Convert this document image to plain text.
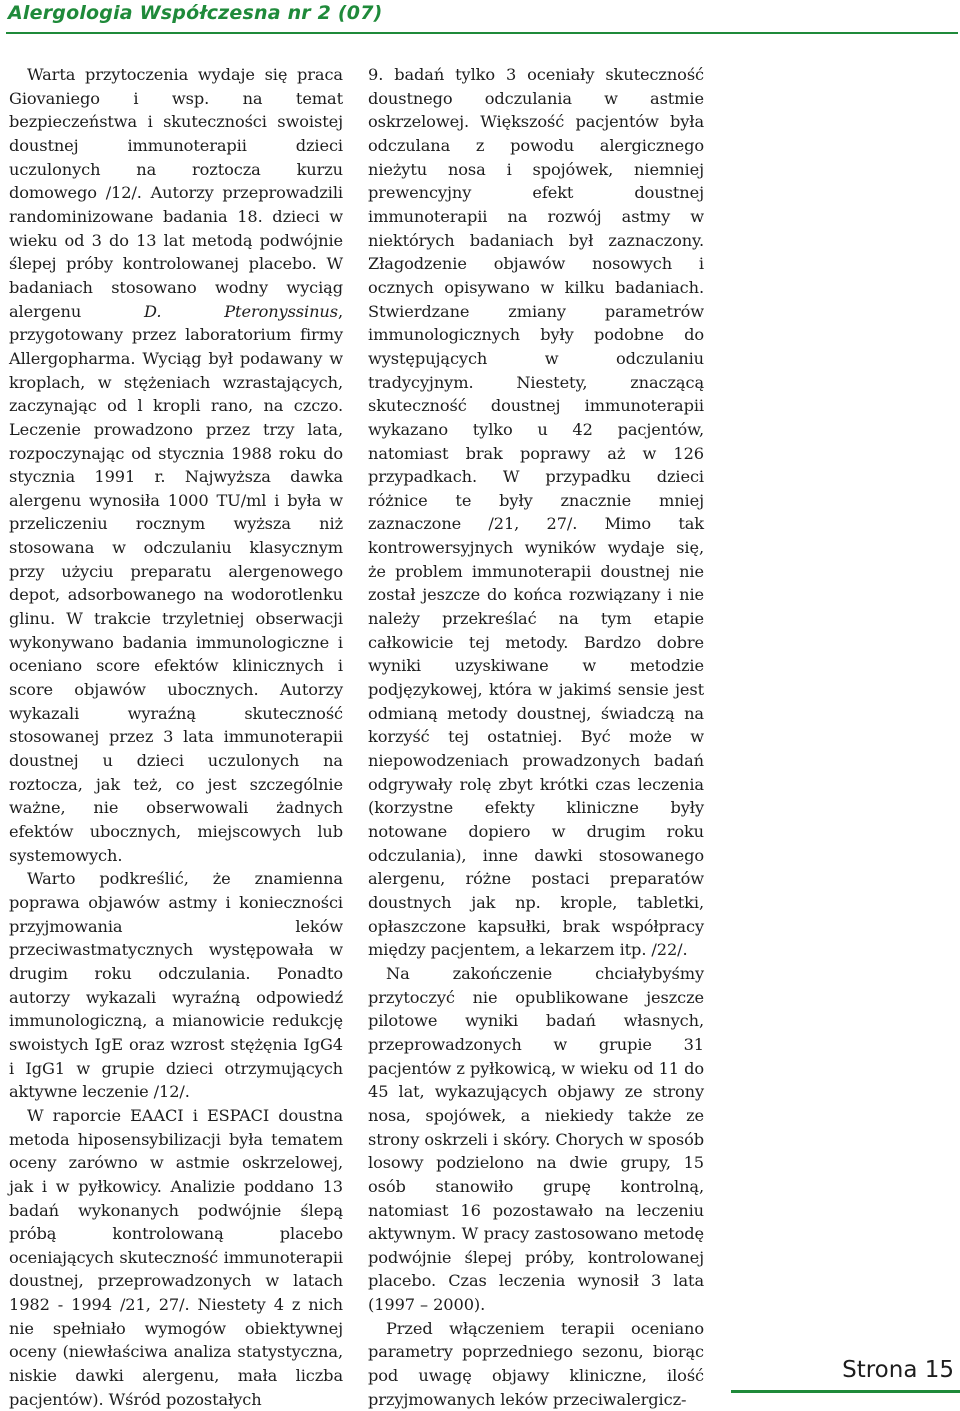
Alergologia Współczesna nr 2 (07)

Warta przytoczenia wydaje się praca Giovaniego i wsp. na temat bezpieczeństwa i skuteczności swoistej doustnej immunoterapii dzieci uczulonych na roztocza kurzu domowego /12/. Autorzy przeprowadzili randominizowane badania 18. dzieci w wieku od 3 do 13 lat metodą podwójnie ślepej próby kontrolowanej placebo. W badaniach stosowano wodny wyciąg alergenu D. Pteronyssinus, przygotowany przez laboratorium firmy Allergopharma. Wyciąg był podawany w kroplach, w stężeniach wzrastających, zaczynając od l kropli rano, na czczo. Leczenie prowadzono przez trzy lata, rozpoczynając od stycznia 1988 roku do stycznia 1991 r. Najwyższa dawka alergenu wynosiła 1000 TU/ml i była w przeliczeniu rocznym wyższa niż stosowana w odczulaniu klasycznym przy użyciu preparatu alergenowego depot, adsorbowanego na wodorotlenku glinu. W trakcie trzyletniej obserwacji wykonywano badania immunologiczne i oceniano score efektów klinicznych i score objawów ubocznych. Autorzy wykazali wyraźną skuteczność stosowanej przez 3 lata immunoterapii doustnej u dzieci uczulonych na roztocza, jak też, co jest szczególnie ważne, nie obserwowali żadnych efektów ubocznych, miejscowych lub systemowych.

Warto podkreślić, że znamienna poprawa objawów astmy i konieczności przyjmowania leków przeciwastmatycznych występowała w drugim roku odczulania. Ponadto autorzy wykazali wyraźną odpowiedź immunologiczną, a mianowicie redukcję swoistych IgE oraz wzrost stężęnia IgG4 i IgG1 w grupie dzieci otrzymujących aktywne leczenie /12/.

W raporcie EAACI i ESPACI doustna metoda hiposensybilizacji była tematem oceny zarówno w astmie oskrzelowej, jak i w pyłkowicy. Analizie poddano 13 badań wykonanych podwójnie ślepą próbą kontrolowaną placebo oceniających skuteczność immunoterapii doustnej, przeprowadzonych w latach 1982 - 1994 /21, 27/. Niestety 4 z nich nie spełniało wymogów obiektywnej oceny (niewłaściwa analiza statystyczna, niskie dawki alergenu, mała liczba pacjentów). Wśród pozostałych

9. badań tylko 3 oceniały skuteczność doustnego odczulania w astmie oskrzelowej. Większość pacjentów była odczulana z powodu alergicznego nieżytu nosa i spojówek, niemniej prewencyjny efekt doustnej immunoterapii na rozwój astmy w niektórych badaniach był zaznaczony. Złagodzenie objawów nosowych i ocznych opisywano w kilku badaniach. Stwierdzane zmiany parametrów immunologicznych były podobne do występujących w odczulaniu tradycyjnym. Niestety, znaczącą skuteczność doustnej immunoterapii wykazano tylko u 42 pacjentów, natomiast brak poprawy aż w 126 przypadkach. W przypadku dzieci różnice te były znacznie mniej zaznaczone /21, 27/. Mimo tak kontrowersyjnych wyników wydaje się, że problem immunoterapii doustnej nie został jeszcze do końca rozwiązany i nie należy przekreślać na tym etapie całkowicie tej metody. Bardzo dobre wyniki uzyskiwane w metodzie podjęzykowej, która w jakimś sensie jest odmianą metody doustnej, świadczą na korzyść tej ostatniej. Być może w niepowodzeniach prowadzonych badań odgrywały rolę zbyt krótki czas leczenia (korzystne efekty kliniczne były notowane dopiero w drugim roku odczulania), inne dawki stosowanego alergenu, różne postaci preparatów doustnych jak np. krople, tabletki, opłaszczone kapsułki, brak współpracy między pacjentem, a lekarzem itp. /22/.

Na zakończenie chciałybyśmy przytoczyć nie opublikowane jeszcze pilotowe wyniki badań własnych, przeprowadzonych w grupie 31 pacjentów z pyłkowicą, w wieku od 11 do 45 lat, wykazujących objawy ze strony nosa, spojówek, a niekiedy także ze strony oskrzeli i skóry. Chorych w sposób losowy podzielono na dwie grupy, 15 osób stanowiło grupę kontrolną, natomiast 16 pozostawało na leczeniu aktywnym. W pracy zastosowano metodę podwójnie ślepej próby, kontrolowanej placebo. Czas leczenia wynosił 3 lata (1997 – 2000).

Przed włączeniem terapii oceniano parametry poprzedniego sezonu, biorąc pod uwagę objawy kliniczne, ilość przyjmowanych leków przeciwalergicz-

Strona 15
